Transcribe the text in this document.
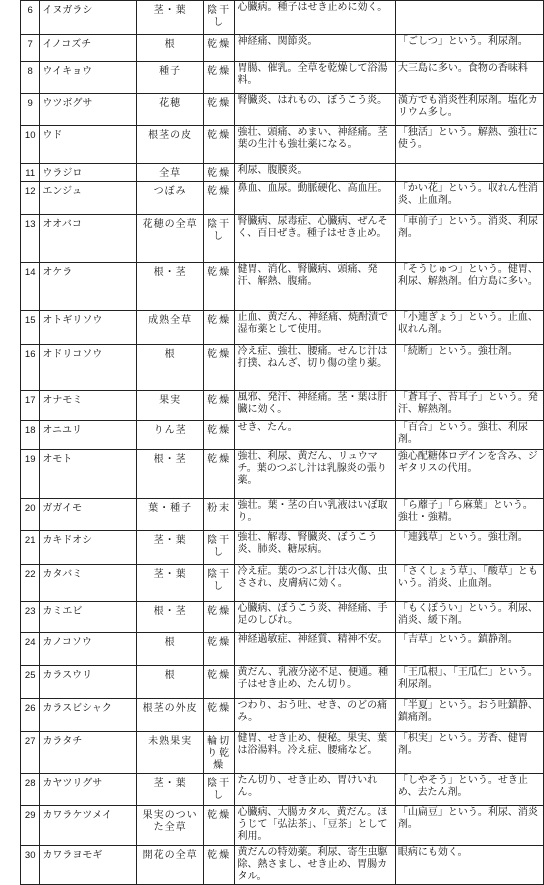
6	イヌガラシ	茎・葉	陰干し	心臓病。種子はせき止めに効く。	
7	イノコズチ	根	乾燥	神経痛、関節炎。	「ごしつ」という。利尿剤。
8	ウイキョウ	種子	乾燥	胃腸、催乳。全草を乾燥して浴湯料。	大三島に多い。食物の香味料
9	ウツボグサ	花穂	乾燥	腎臓炎、はれもの、ぼうこう炎。	漢方でも消炎性利尿剤。塩化カリウム多し。
10	ウド	根茎の皮	乾燥	強壮、頭痛、めまい、神経痛。茎葉の生汁も強壮薬になる。	「独活」という。解熱、強壮に使う。
11	ウラジロ	全草	乾燥	利尿、腹膜炎。	
12	エンジュ	つぼみ	乾燥	鼻血、血尿。動脈硬化、高血圧。	「かい花」という。収れん性消炎、止血剤。
13	オオバコ	花穂の全草	陰干し	腎臓病、尿毒症、心臓病、ぜんそく、百日ぜき。種子はせき止め。	「車前子」という。消炎、利尿剤。
14	オケラ	根・茎	乾燥	健胃、消化、腎臓病、頭痛、発汗、解熱、腹痛。	「そうじゅつ」という。健胃、利尿、解熱剤。伯方島に多い。
15	オトギリソウ	成熟全草	乾燥	止血、黄だん、神経痛、焼酎漬で湿布薬として使用。	「小連ぎょう」という。止血、収れん剤。
16	オドリコソウ	根	乾燥	冷え症、強壮、腰痛。せんじ汁は打撲、ねんざ、切り傷の塗り薬。	「続断」という。強壮剤。
17	オナモミ	果実	乾燥	風邪、発汗、神経痛。茎・葉は肝臓に効く。	「蒼耳子、苔耳子」という。発汗、解熱剤。
18	オニユリ	りん茎	乾燥	せき、たん。	「百合」という。強壮、利尿剤。
19	オモト	根・茎	乾燥	強壮、利尿、黄だん、リュウマチ。葉のつぶし汁は乳腺炎の張り薬。	強心配糖体ロデインを含み、ジギタリスの代用。
20	ガガイモ	葉・種子	粉末	強壮。葉・茎の白い乳液はいぼ取り。	「ら蘼子」「ら麻葉」という。強壮・強精。
21	カキドオシ	茎・葉	陰干し	強壮、解毒、腎臓炎、ぼうこう炎、肺炎、糖尿病。	「連銭草」という。強壮剤。
22	カタバミ	茎・葉	陰干し	冷え症。葉のつぶし汁は火傷、虫さされ、皮膚病に効く。	「さくしょう草」、「酸草」ともいう。消炎、止血剤。
23	カミエビ	根・茎	乾燥	心臓病、ぼうこう炎、神経痛、手足のしびれ。	「もくぼうい」という。利尿、消炎、緩下剤。
24	カノコソウ	根	乾燥	神経過敏症、神経質、精神不安。	「吉草」という。鎮静剤。
25	カラスウリ	根	乾燥	黄だん、乳液分泌不足、便通。種子はせき止め、たん切り。	「王瓜根」、「王瓜仁」という。利尿剤。
26	カラスビシャク	根茎の外皮	乾燥	つわり、おう吐、せき、のどの痛み。	「半夏」という。おう吐鎮静、鎮痛剤。
27	カラタチ	未熟果実	輪切り乾燥	健胃、せき止め、便秘。果実、葉は浴湯料。冷え症、腰痛など。	「枳実」という。芳香、健胃剤。
28	カヤツリグサ	茎・葉	陰干し	たん切り、せき止め、胃けいれん。	「しやそう」という。せき止め、去たん剤。
29	カワラケツメイ	果実のついた全草	乾燥	心臓病、大腸カタル、黄だん。ほうじて「弘法茶」、「豆茶」として利用。	「山扁豆」という。利尿、消炎剤。
30	カワラヨモギ	開花の全草	乾燥	黄だんの特効薬。利尿、寄生虫駆除、熱さまし、せき止め、胃腸カタル。	眼病にも効く。
